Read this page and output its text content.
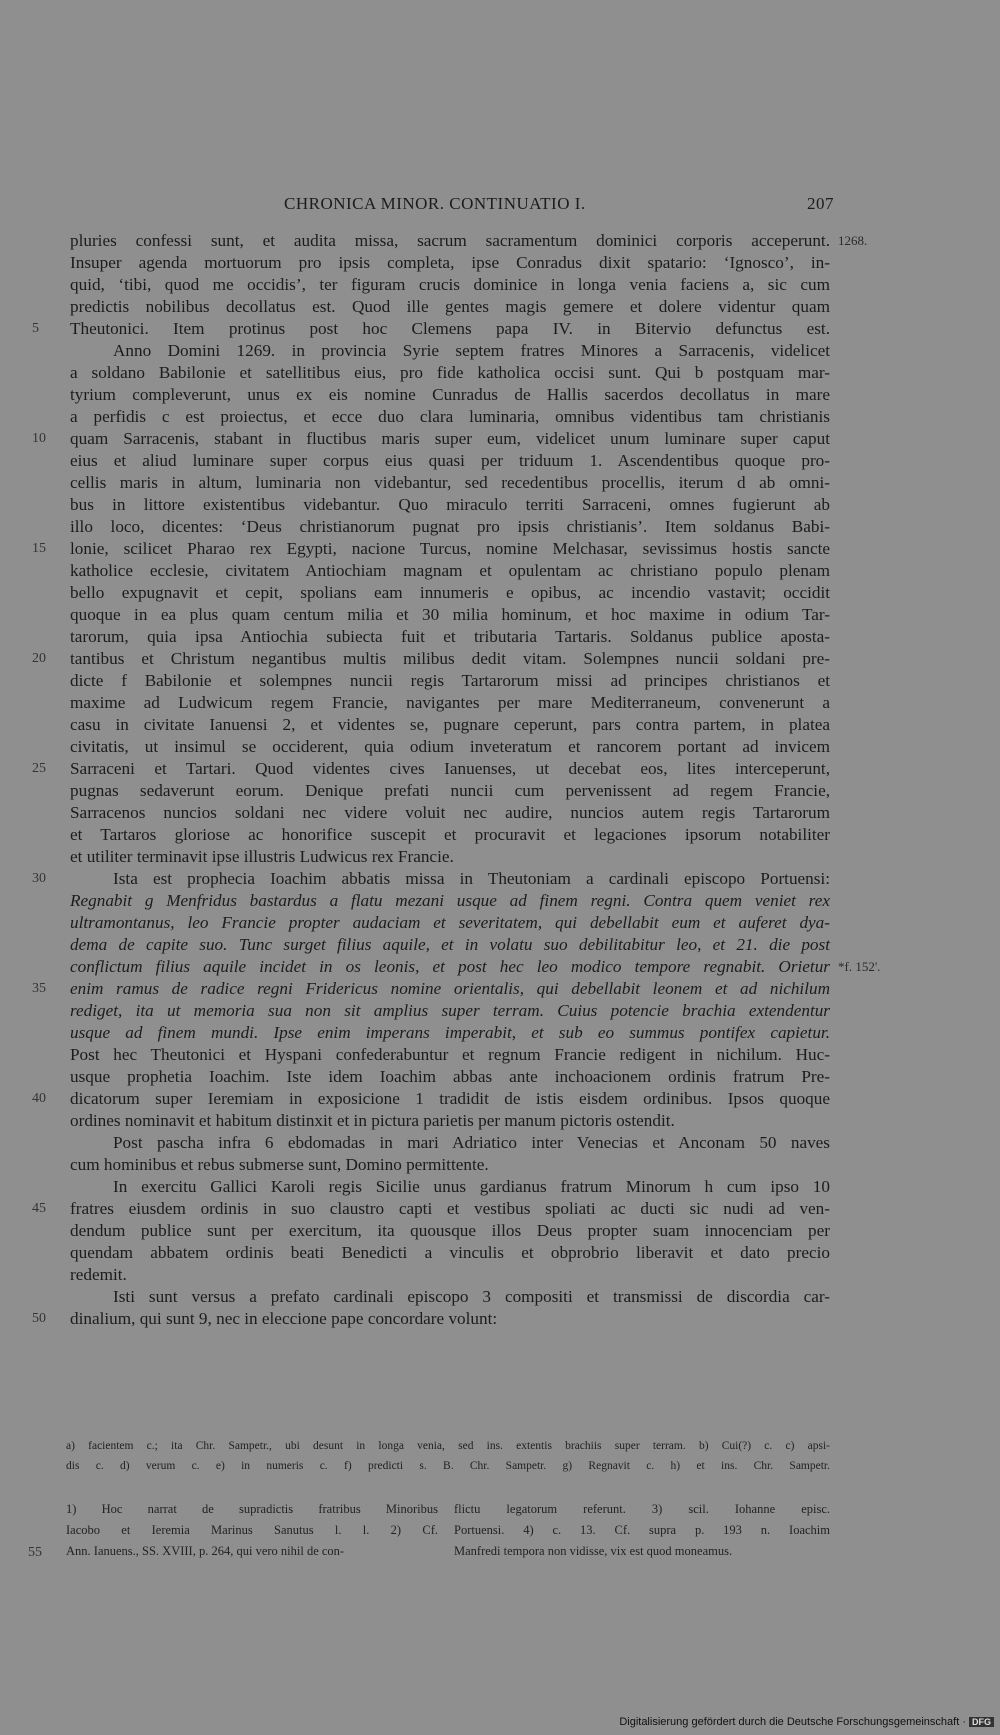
CHRONICA MINOR. CONTINUATIO I.	207
pluries confessi sunt, et audita missa, sacrum sacramentum dominici corporis acceperunt. 1268.
Insuper agenda mortuorum pro ipsis completa, ipse Conradus dixit spatario: ‘Ignosco’, in-
quid, ‘tibi, quod me occidis’, ter figuram crucis dominice in longa venia faciens a, sic cum
predictis nobilibus decollatus est. Quod ille gentes magis gemere et dolere videntur quam
Theutonici. Item protinus post hoc Clemens papa IV. in Bitervio defunctus est.
5
Anno Domini 1269. in provincia Syrie septem fratres Minores a Sarracenis, videlicet
a soldano Babilonie et satellitibus eius, pro fide katholica occisi sunt. Qui b postquam mar-
tyrium compleverunt, unus ex eis nomine Cunradus de Hallis sacerdos decollatus in mare
a perfidis c est proiectus, et ecce duo clara luminaria, omnibus videntibus tam christianis
quam Sarracenis, stabant in fluctibus maris super eum, videlicet unum luminare super caput
10
eius et aliud luminare super corpus eius quasi per triduum 1. Ascendentibus quoque pro-
cellis maris in altum, luminaria non videbantur, sed recedentibus procellis, iterum d ab omni-
bus in littore existentibus videbantur. Quo miraculo territi Sarraceni, omnes fugierunt ab
illo loco, dicentes: ‘Deus christianorum pugnat pro ipsis christianis’. Item soldanus Babi-
lonie, scilicet Pharao rex Egypti, nacione Turcus, nomine Melchasar, sevissimus hostis sancte
15
katholice ecclesie, civitatem Antiochiam magnam et opulentam ac christiano populo plenam
bello expugnavit et cepit, spolians eam innumeris e opibus, ac incendio vastavit; occidit
quoque in ea plus quam centum milia et 30 milia hominum, et hoc maxime in odium Tar-
tarorum, quia ipsa Antiochia subiecta fuit et tributaria Tartaris. Soldanus publice aposta-
tantibus et Christum negantibus multis milibus dedit vitam. Solempnes nuncii soldani pre-
20
dicte f Babilonie et solempnes nuncii regis Tartarorum missi ad principes christianos et
maxime ad Ludwicum regem Francie, navigantes per mare Mediterraneum, convenerunt a
casu in civitate Ianuensi 2, et videntes se, pugnare ceperunt, pars contra partem, in platea
civitatis, ut insimul se occiderent, quia odium inveteratum et rancorem portant ad invicem
Sarraceni et Tartari. Quod videntes cives Ianuenses, ut decebat eos, lites interceperunt,
25
pugnas sedaverunt eorum. Denique prefati nuncii cum pervenissent ad regem Francie,
Sarracenos nuncios soldani nec videre voluit nec audire, nuncios autem regis Tartarorum
et Tartaros gloriose ac honorifice suscepit et procuravit et legaciones ipsorum notabiliter
et utiliter terminavit ipse illustris Ludwicus rex Francie.
Ista est prophecia Ioachim abbatis missa in Theutoniam a cardinali episcopo Portuensi:
30
Regnabit g Menfridus bastardus a flatu mezani usque ad finem regni. Contra quem veniet rex
ultramontanus, leo Francie propter audaciam et severitatem, qui debellabit eum et auferet dya-
dema de capite suo. Tunc surget filius aquile, et in volatu suo debilitabitur leo, et 21. die post
conflictum filius aquile incidet in os leonis, et post hec leo modico tempore regnabit. Orietur *f. 152'.
enim ramus de radice regni Fridericus nomine orientalis, qui debellabit leonem et ad nichilum
35
rediget, ita ut memoria sua non sit amplius super terram. Cuius potencie brachia extendentur
usque ad finem mundi. Ipse enim imperans imperabit, et sub eo summus pontifex capietur.
Post hec Theutonici et Hyspani confederabuntur et regnum Francie redigent in nichilum. Huc-
usque prophetia Ioachim. Iste idem Ioachim abbas ante inchoacionem ordinis fratrum Pre-
dicatorum super Ieremiam in exposicione 1 tradidit de istis eisdem ordinibus. Ipsos quoque
40
ordines nominavit et habitum distinxit et in pictura parietis per manum pictoris ostendit.
Post pascha infra 6 ebdomadas in mari Adriatico inter Venecias et Anconam 50 naves
cum hominibus et rebus submerse sunt, Domino permittente.
In exercitu Gallici Karoli regis Sicilie unus gardianus fratrum Minorum h cum ipso 10
fratres eiusdem ordinis in suo claustro capti et vestibus spoliati ac ducti sic nudi ad ven-
45
dendum publice sunt per exercitum, ita quousque illos Deus propter suam innocenciam per
quendam abbatem ordinis beati Benedicti a vinculis et obprobrio liberavit et dato precio
redemit.
Isti sunt versus a prefato cardinali episcopo 3 compositi et transmissi de discordia car-
dinalium, qui sunt 9, nec in eleccione pape concordare volunt:
50
a) facientem c.; ita Chr. Sampetr., ubi desunt in longa venia, sed ins. extentis brachiis super terram. b) Cui(?) c. c) apsi-
dis c. d) verum c. e) in numeris c. f) predicti s. B. Chr. Sampetr. g) Regnavit c. h) et ins. Chr. Sampetr.
1) Hoc narrat de supradictis fratribus Minoribus
Iacobo et Ieremia Marinus Sanutus l. l. 2) Cf.
Ann. Ianuens., SS. XVIII, p. 264, qui vero nihil de con-
flictu legatorum referunt. 3) scil. Iohanne episc.
Portuensi. 4) c. 13. Cf. supra p. 193 n. Ioachim
Manfredi tempora non vidisse, vix est quod moneamus.
55
Digitalisierung gefördert durch die Deutsche Forschungsgemeinschaft · DFG
